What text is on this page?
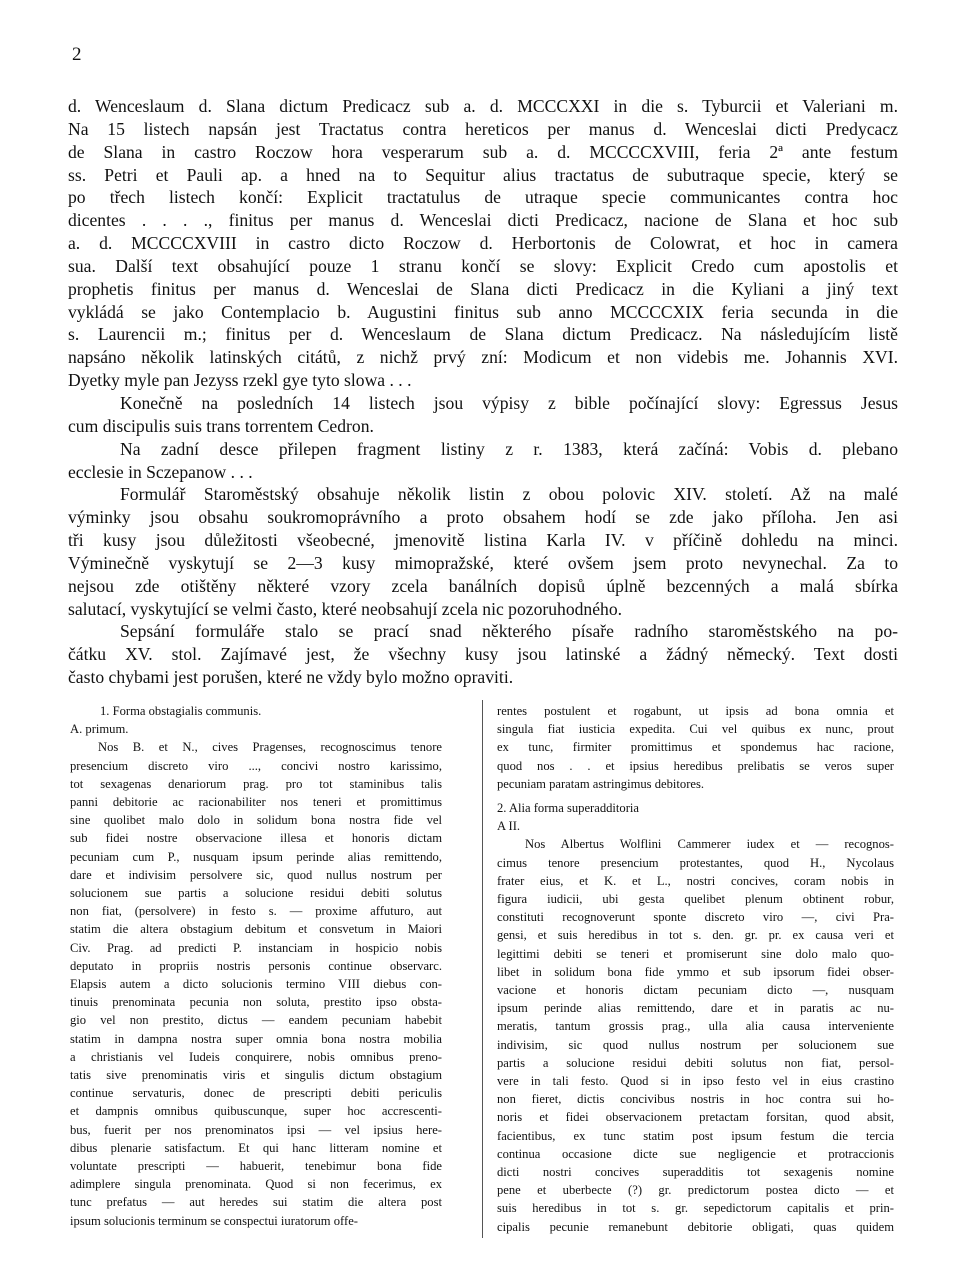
2

d. Wenceslaum d. Slana dictum Predicacz sub a. d. MCCCXXI in die s. Tyburcii et Valeriani m.
Na 15 listech napsán jest Tractatus contra hereticos per manus d. Wenceslai dicti Predycacz
de Slana in castro Roczow hora vesperarum sub a. d. MCCCCXVIII, feria 2ª ante festum
ss. Petri et Pauli ap. a hned na to Sequitur alius tractatus de subutraque specie, který se
po třech listech končí: Explicit tractatulus de utraque specie communicantes contra hoc
dicentes . . . ., finitus per manus d. Wenceslai dicti Predicacz, nacione de Slana et hoc sub
a. d. MCCCCXVIII in castro dicto Roczow d. Herbortonis de Colowrat, et hoc in camera
sua. Další text obsahující pouze 1 stranu končí se slovy: Explicit Credo cum apostolis et
prophetis finitus per manus d. Wenceslai de Slana dicti Predicacz in die Kyliani a jiný text
vykládá se jako Contemplacio b. Augustini finitus sub anno MCCCCXIX feria secunda in die
s. Laurencii m.; finitus per d. Wenceslaum de Slana dictum Predicacz. Na následujícím listě
napsáno několik latinských citátů, z nichž prvý zní: Modicum et non videbis me. Johannis XVI.
Dyetky myle pan Jezyss rzekl gye tyto slowa . . .

Konečně na posledních 14 listech jsou výpisy z bible počínající slovy: Egressus Jesus
cum discipulis suis trans torrentem Cedron.

Na zadní desce přilepen fragment listiny z r. 1383, která začíná: Vobis d. plebano
ecclesie in Sczepanow . . .

Formulář Staroměstský obsahuje několik listin z obou polovic XIV. století. Až na malé
výminky jsou obsahu soukromoprávního a proto obsahem hodí se zde jako příloha. Jen asi
tři kusy jsou důležitosti všeobecné, jmenovitě listina Karla IV. v příčině dohledu na minci.
Výminečně vyskytují se 2—3 kusy mimopražské, které ovšem jsem proto nevynechal. Za to
nejsou zde otištěny některé vzory zcela banálních dopisů úplně bezcenných a malá sbírka
salutací, vyskytující se velmi často, které neobsahují zcela nic pozoruhodného.

Sepsání formuláře stalo se prací snad některého písaře radního staroměstského na po-
čátku XV. stol. Zajímavé jest, že všechny kusy jsou latinské a žádný německý. Text dosti
často chybami jest porušen, které ne vždy bylo možno opraviti.

1. Forma obstagialis communis.
A. primum.
Nos B. et N., cives Pragenses, recognoscimus tenore
presencium discreto viro ..., concivi nostro karissimo,
tot sexagenas denariorum prag. pro tot staminibus talis
panni debitorie ac racionabiliter nos teneri et promittimus
sine quolibet malo dolo in solidum bona nostra fide vel
sub fidei nostre observacione illesa et honoris dictam
pecuniam cum P., nusquam ipsum perinde alias remittendo,
dare et indivisim persolvere sic, quod nullus nostrum per
solucionem sue partis a solucione residui debiti solutus
non fiat, (persolvere) in festo s. — proxime affuturo, aut
statim die altera obstagium debitum et consvetum in Maiori
Civ. Prag. ad predicti P. instanciam in hospicio nobis
deputato in propriis nostris personis continue observarc.
Elapsis autem a dicto solucionis termino VIII diebus con-
tinuis prenominata pecunia non soluta, prestito ipso obsta-
gio vel non prestito, dictus — eandem pecuniam habebit
statim in dampna nostra super omnia bona nostra mobilia
a christianis vel Iudeis conquirere, nobis omnibus preno-
tatis sive prenominatis viris et singulis dictum obstagium
continue servaturis, donec de prescripti debiti periculis
et dampnis omnibus quibuscunque, super hoc accrescenti-
bus, fuerit per nos prenominatos ipsi — vel ipsius here-
dibus plenarie satisfactum. Et qui hanc litteram nomine et
voluntate prescripti — habuerit, tenebimur bona fide
adimplere singula prenominata. Quod si non fecerimus, ex
tunc prefatus — aut heredes sui statim die altera post
ipsum solucionis terminum se conspectui iuratorum offe-
rentes postulent et rogabunt, ut ipsis ad bona omnia et
singula fiat iusticia expedita. Cui vel quibus ex nunc, prout
ex tunc, firmiter promittimus et spondemus hac racione,
quod nos . . et ipsius heredibus prelibatis se veros super
pecuniam paratam astringimus debitores.
2. Alia forma superadditoria
A II.
Nos Albertus Wolflini Cammerer iudex et — recognos-
cimus tenore presencium protestantes, quod H., Nycolaus
frater eius, et K. et L., nostri concives, coram nobis in
figura iudicii, ubi gesta quelibet plenum obtinent robur,
constituti recognoverunt sponte discreto viro —, civi Pra-
gensi, et suis heredibus in tot s. den. gr. pr. ex causa veri et
legittimi debiti se teneri et promiserunt sine dolo malo quo-
libet in solidum bona fide ymmo et sub ipsorum fidei obser-
vacione et honoris dictam pecuniam dicto —, nusquam
ipsum perinde alias remittendo, dare et in paratis ac nu-
meratis, tantum grossis prag., ulla alia causa interveniente
indivisim, sic quod nullus nostrum per solucionem sue
partis a solucione residui debiti solutus non fiat, persol-
vere in tali festo. Quod si in ipso festo vel in eius crastino
non fieret, dictis concivibus nostris in hoc contra sui ho-
noris et fidei observacionem pretactam forsitan, quod absit,
facientibus, ex tunc statim post ipsum festum die tercia
continua occasione dicte sue negligencie et protraccionis
dicti nostri concives superadditis tot sexagenis nomine
pene et uberbecte (?) gr. predictorum postea dicto — et
suis heredibus in tot s. gr. sepedictorum capitalis et prin-
cipalis pecunie remanebunt debitorie obligati, quas quidem
